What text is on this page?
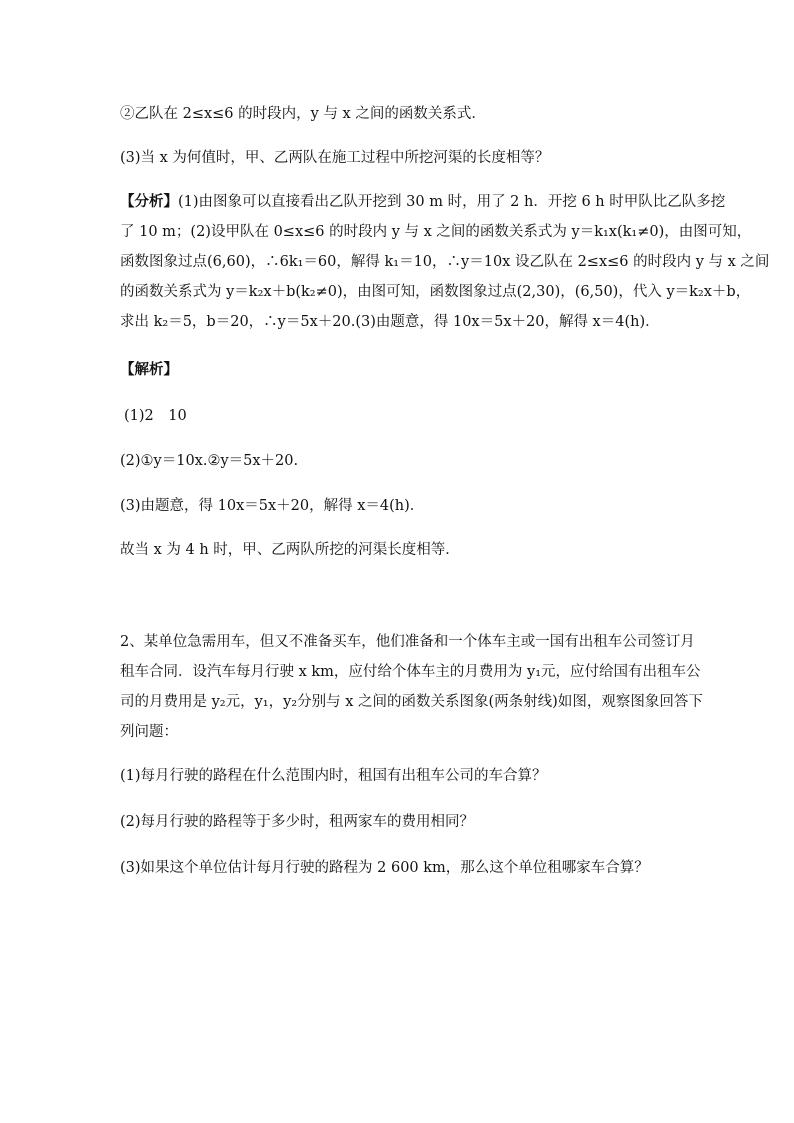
②乙队在 2≤x≤6 的时段内，y 与 x 之间的函数关系式．
(3)当 x 为何值时，甲、乙两队在施工过程中所挖河渠的长度相等？
【分析】(1)由图象可以直接看出乙队开挖到 30 m 时，用了 2 h．开挖 6 h 时甲队比乙队多挖
了 10 m；(2)设甲队在 0≤x≤6 的时段内 y 与 x 之间的函数关系式为 y＝k₁x(k₁≠0)，由图可知，
函数图象过点(6,60)，∴6k₁＝60，解得 k₁＝10，∴y＝10x 设乙队在 2≤x≤6 的时段内 y 与 x 之间
的函数关系式为 y＝k₂x＋b(k₂≠0)，由图可知，函数图象过点(2,30)，(6,50)，代入 y＝k₂x＋b，
求出 k₂＝5，b＝20，∴y＝5x＋20.(3)由题意，得 10x＝5x＋20，解得 x＝4(h)．
【解析】
(1)2　10
(2)①y＝10x.②y＝5x＋20.
(3)由题意，得 10x＝5x＋20，解得 x＝4(h)．
故当 x 为 4 h 时，甲、乙两队所挖的河渠长度相等．
2、某单位急需用车，但又不准备买车，他们准备和一个体车主或一国有出租车公司签订月
租车合同．设汽车每月行驶 x km，应付给个体车主的月费用为 y₁元，应付给国有出租车公
司的月费用是 y₂元，y₁，y₂分别与 x 之间的函数关系图象(两条射线)如图，观察图象回答下
列问题：
(1)每月行驶的路程在什么范围内时，租国有出租车公司的车合算？
(2)每月行驶的路程等于多少时，租两家车的费用相同？
(3)如果这个单位估计每月行驶的路程为 2 600 km，那么这个单位租哪家车合算？
